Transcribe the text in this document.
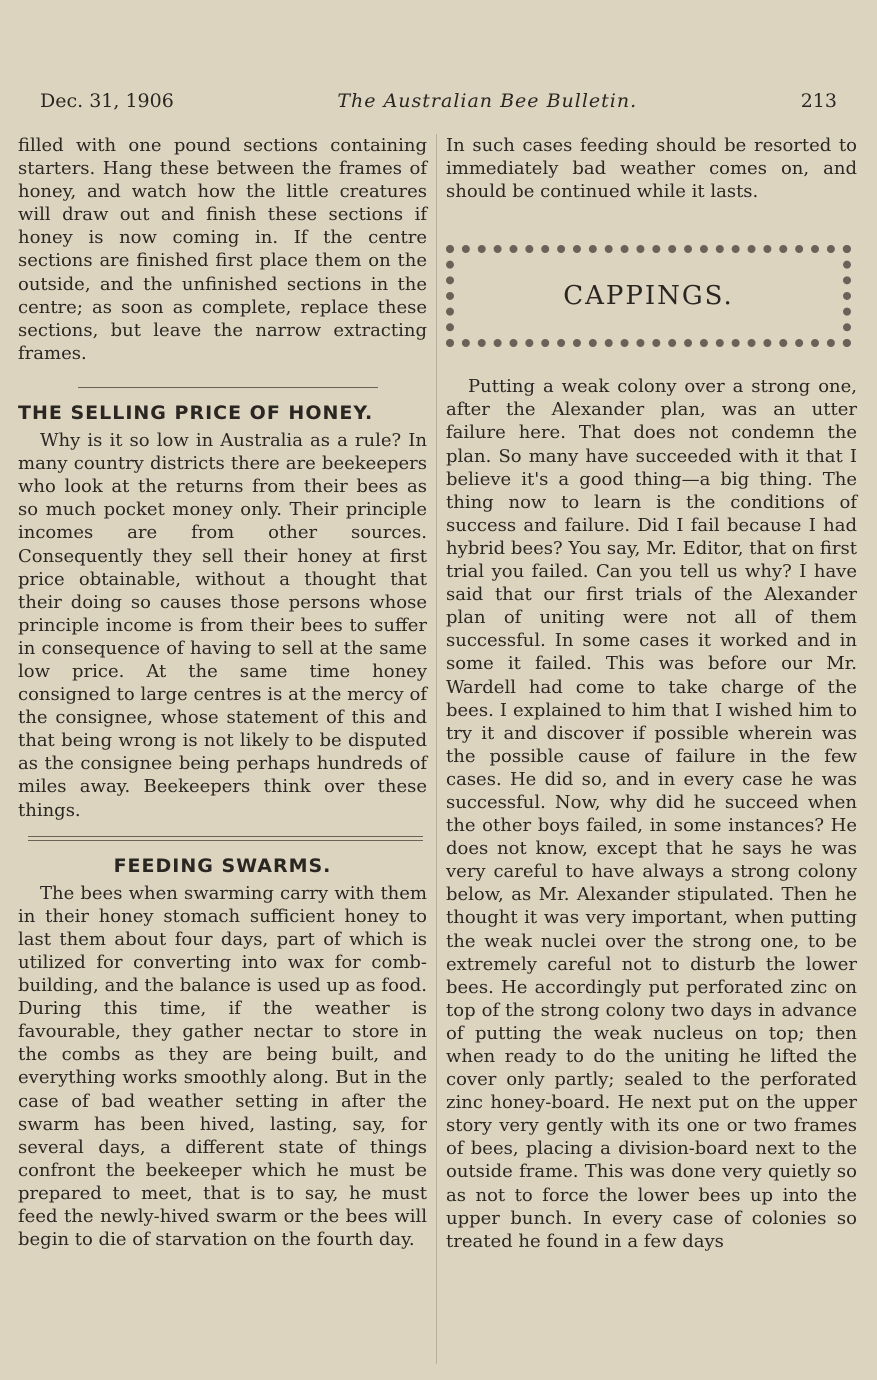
Dec. 31, 1906	The Australian Bee Bulletin.	213

filled with one pound sections containing starters. Hang these between the frames of honey, and watch how the little creatures will draw out and finish these sections if honey is now coming in. If the centre sections are finished first place them on the outside, and the unfinished sections in the centre; as soon as complete, replace these sections, but leave the narrow extracting frames.

THE SELLING PRICE OF HONEY.

Why is it so low in Australia as a rule? In many country districts there are beekeepers who look at the returns from their bees as so much pocket money only. Their principle incomes are from other sources. Consequently they sell their honey at first price obtainable, without a thought that their doing so causes those persons whose principle income is from their bees to suffer in consequence of having to sell at the same low price. At the same time honey consigned to large centres is at the mercy of the consignee, whose statement of this and that being wrong is not likely to be disputed as the consignee being perhaps hundreds of miles away. Beekeepers think over these things.

FEEDING SWARMS.

The bees when swarming carry with them in their honey stomach sufficient honey to last them about four days, part of which is utilized for converting into wax for comb-building, and the balance is used up as food. During this time, if the weather is favourable, they gather nectar to store in the combs as they are being built, and everything works smoothly along. But in the case of bad weather setting in after the swarm has been hived, lasting, say, for several days, a different state of things confront the beekeeper which he must be prepared to meet, that is to say, he must feed the newly-hived swarm or the bees will begin to die of starvation on the fourth day.

In such cases feeding should be resorted to immediately bad weather comes on, and should be continued while it lasts.

CAPPINGS.

Putting a weak colony over a strong one, after the Alexander plan, was an utter failure here. That does not condemn the plan. So many have succeeded with it that I believe it's a good thing—a big thing. The thing now to learn is the conditions of success and failure. Did I fail because I had hybrid bees? You say, Mr. Editor, that on first trial you failed. Can you tell us why? I have said that our first trials of the Alexander plan of uniting were not all of them successful. In some cases it worked and in some it failed. This was before our Mr. Wardell had come to take charge of the bees. I explained to him that I wished him to try it and discover if possible wherein was the possible cause of failure in the few cases. He did so, and in every case he was successful. Now, why did he succeed when the other boys failed, in some instances? He does not know, except that he says he was very careful to have always a strong colony below, as Mr. Alexander stipulated. Then he thought it was very important, when putting the weak nuclei over the strong one, to be extremely careful not to disturb the lower bees. He accordingly put perforated zinc on top of the strong colony two days in advance of putting the weak nucleus on top; then when ready to do the uniting he lifted the cover only partly; sealed to the perforated zinc honey-board. He next put on the upper story very gently with its one or two frames of bees, placing a division-board next to the outside frame. This was done very quietly so as not to force the lower bees up into the upper bunch. In every case of colonies so treated he found in a few days
